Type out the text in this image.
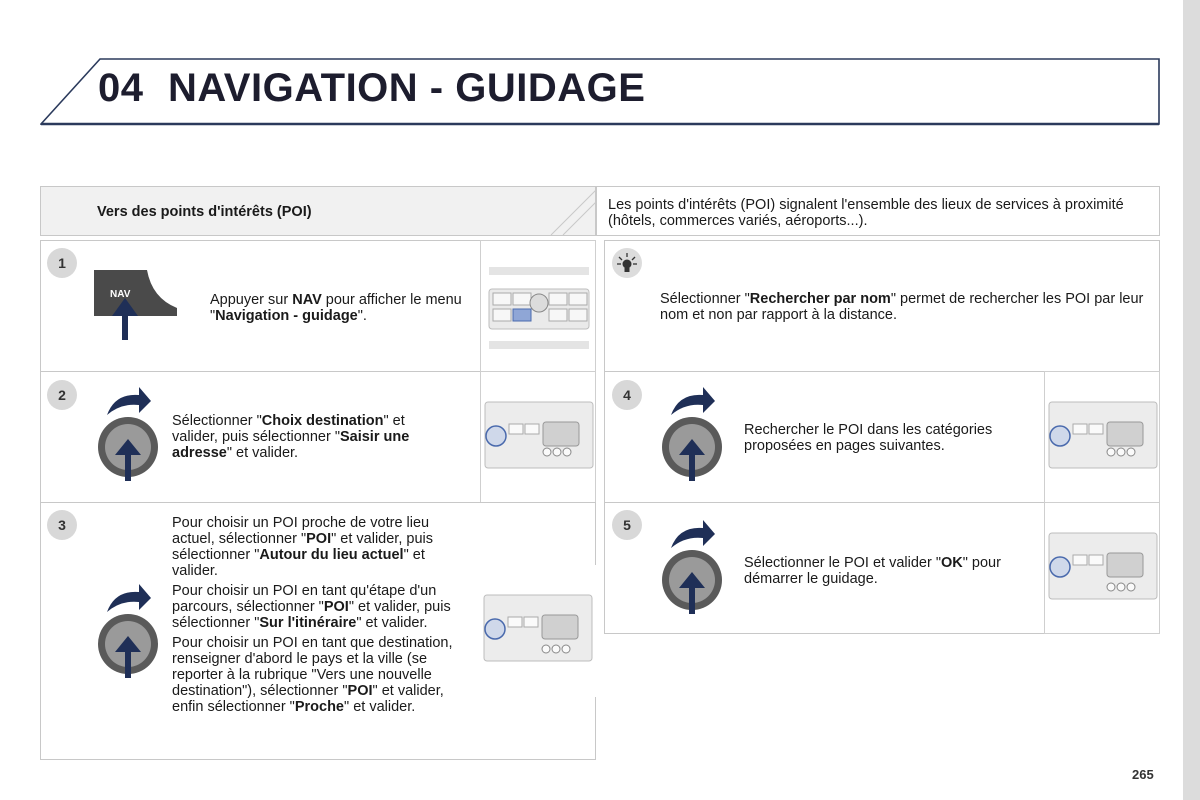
04 NAVIGATION - GUIDAGE
Vers des points d'intérêts (POI)	Les points d'intérêts (POI) signalent l'ensemble des lieux de services à proximité (hôtels, commerces variés, aéroports...).
1
NAV	Appuyer sur NAV pour afficher le menu "Navigation - guidage".
2
Sélectionner "Choix destination" et valider, puis sélectionner "Saisir une adresse" et valider.
3	Pour choisir un POI proche de votre lieu actuel, sélectionner "POI" et valider, puis sélectionner "Autour du lieu actuel" et valider.

Pour choisir un POI en tant qu'étape d'un parcours, sélectionner "POI" et valider, puis sélectionner "Sur l'itinéraire" et valider.

Pour choisir un POI en tant que destination, renseigner d'abord le pays et la ville (se reporter à la rubrique "Vers une nouvelle destination"), sélectionner "POI" et valider, enfin sélectionner "Proche" et valider.

Sélectionner "Rechercher par nom" permet de rechercher les POI par leur nom et non par rapport à la distance.
4
Rechercher le POI dans les catégories proposées en pages suivantes.
5
Sélectionner le POI et valider "OK" pour démarrer le guidage.
265
